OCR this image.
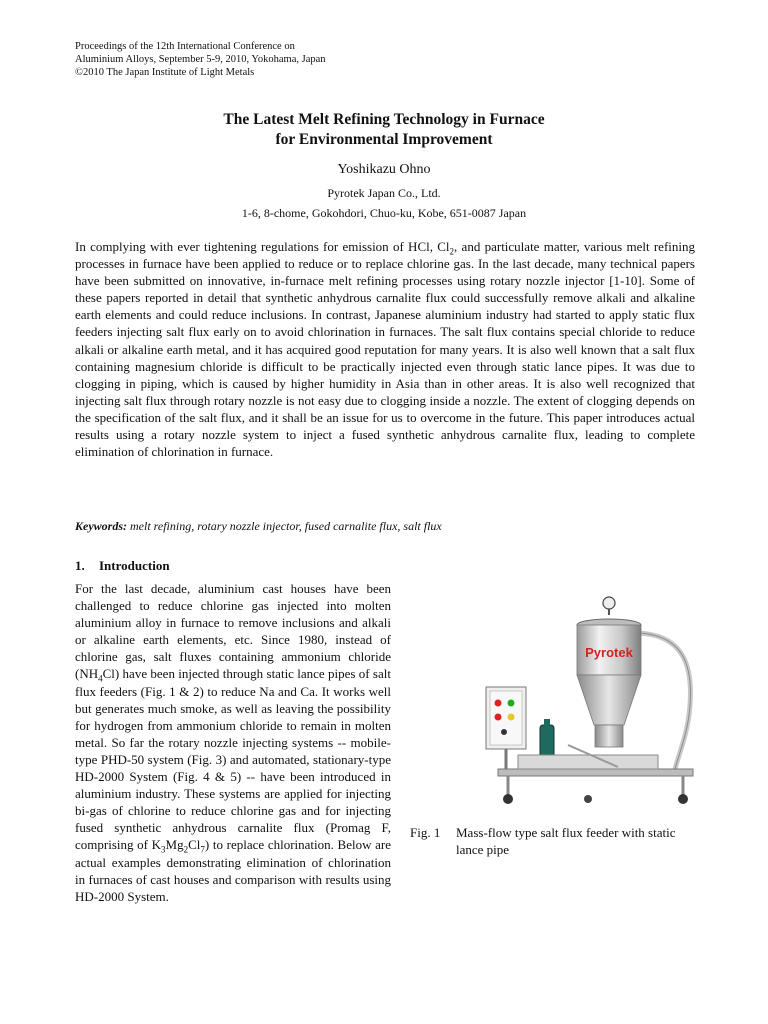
Proceedings of the 12th International Conference on
Aluminium Alloys, September 5-9, 2010, Yokohama, Japan
©2010 The Japan Institute of Light Metals
The Latest Melt Refining Technology in Furnace
for Environmental Improvement
Yoshikazu Ohno
Pyrotek Japan Co., Ltd.
1-6, 8-chome, Gokohdori, Chuo-ku, Kobe, 651-0087 Japan
In complying with ever tightening regulations for emission of HCl, $Cl_2$, and particulate matter, various melt refining processes in furnace have been applied to reduce or to replace chlorine gas. In the last decade, many technical papers have been submitted on innovative, in-furnace melt refining processes using rotary nozzle injector [1-10]. Some of these papers reported in detail that synthetic anhydrous carnalite flux could successfully remove alkali and alkaline earth elements and could reduce inclusions. In contrast, Japanese aluminium industry had started to apply static flux feeders injecting salt flux early on to avoid chlorination in furnaces. The salt flux contains special chloride to reduce alkali or alkaline earth metal, and it has acquired good reputation for many years. It is also well known that a salt flux containing magnesium chloride is difficult to be practically injected even through static lance pipes. It was due to clogging in piping, which is caused by higher humidity in Asia than in other areas. It is also well recognized that injecting salt flux through rotary nozzle is not easy due to clogging inside a nozzle. The extent of clogging depends on the specification of the salt flux, and it shall be an issue for us to overcome in the future. This paper introduces actual results using a rotary nozzle system to inject a fused synthetic anhydrous carnalite flux, leading to complete elimination of chlorination in furnace.
Keywords: melt refining, rotary nozzle injector, fused carnalite flux, salt flux
1. Introduction
For the last decade, aluminium cast houses have been challenged to reduce chlorine gas injected into molten aluminium alloy in furnace to remove inclusions and alkali or alkaline earth elements, etc. Since 1980, instead of chlorine gas, salt fluxes containing ammonium chloride $(NH_4Cl)$ have been injected through static lance pipes of salt flux feeders (Fig. 1 & 2) to reduce Na and Ca. It works well but generates much smoke, as well as leaving the possibility for hydrogen from ammonium chloride to remain in molten metal. So far the rotary nozzle injecting systems -- mobile-type PHD-50 system (Fig. 3) and automated, stationary-type HD-2000 System (Fig. 4 & 5) -- have been introduced in aluminium industry. These systems are applied for injecting bi-gas of chlorine to reduce chlorine gas and for injecting fused synthetic anhydrous carnalite flux (Promag F, comprising of $K_3Mg_2Cl_7$) to replace chlorination. Below are actual examples demonstrating elimination of chlorination in furnaces of cast houses and comparison with results using HD-2000 System.
Pyrotek
Fig. 1 Mass-flow type salt flux feeder with static lance pipe
